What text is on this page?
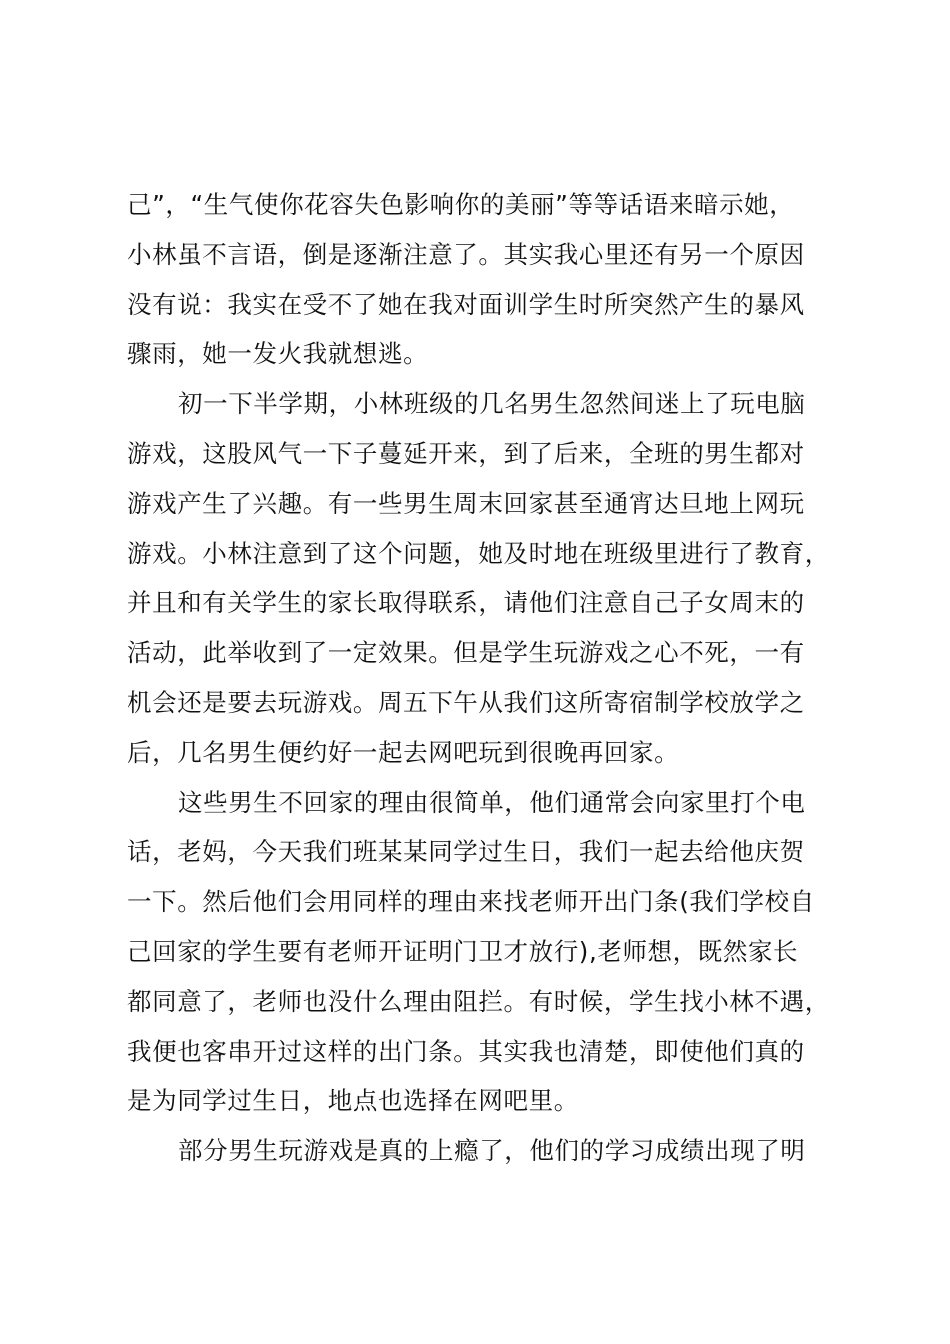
己”，“生气使你花容失色影响你的美丽”等等话语来暗示她，
小林虽不言语，倒是逐渐注意了。其实我心里还有另一个原因
没有说：我实在受不了她在我对面训学生时所突然产生的暴风
骤雨，她一发火我就想逃。
初一下半学期，小林班级的几名男生忽然间迷上了玩电脑
游戏，这股风气一下子蔓延开来，到了后来，全班的男生都对
游戏产生了兴趣。有一些男生周末回家甚至通宵达旦地上网玩
游戏。小林注意到了这个问题，她及时地在班级里进行了教育，
并且和有关学生的家长取得联系，请他们注意自己子女周末的
活动，此举收到了一定效果。但是学生玩游戏之心不死，一有
机会还是要去玩游戏。周五下午从我们这所寄宿制学校放学之
后，几名男生便约好一起去网吧玩到很晚再回家。
这些男生不回家的理由很简单，他们通常会向家里打个电
话，老妈，今天我们班某某同学过生日，我们一起去给他庆贺
一下。然后他们会用同样的理由来找老师开出门条(我们学校自
己回家的学生要有老师开证明门卫才放行),老师想，既然家长
都同意了，老师也没什么理由阻拦。有时候，学生找小林不遇，
我便也客串开过这样的出门条。其实我也清楚，即使他们真的
是为同学过生日，地点也选择在网吧里。
部分男生玩游戏是真的上瘾了，他们的学习成绩出现了明
